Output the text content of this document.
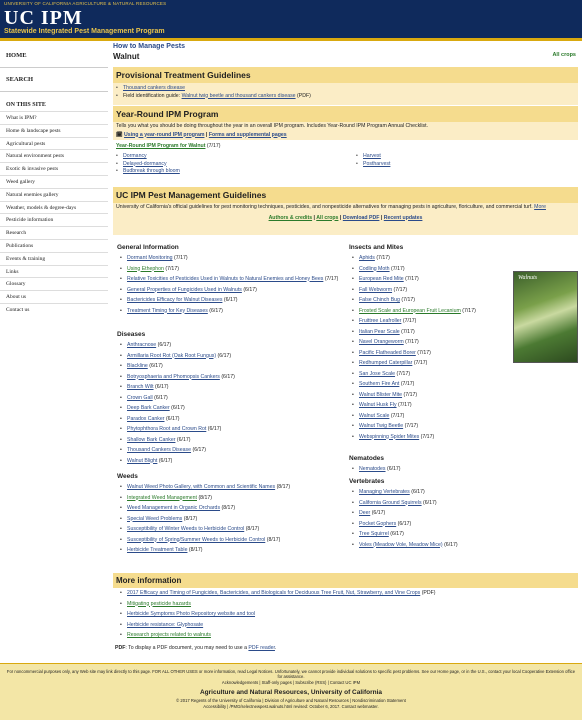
UNIVERSITY OF CALIFORNIA AGRICULTURE & NATURAL RESOURCES
UC IPM
Statewide Integrated Pest Management Program
HOME
SEARCH
ON THIS SITE
What is IPM?
Home & landscape pests
Agricultural pests
Natural environment pests
Exotic & invasive pests
Weed gallery
Natural enemies gallery
Weather, models & degree-days
Pesticide information
Research
Publications
Events & training
Links
Glossary
About us
Contact us
How to Manage Pests
Walnut	All crops
Provisional Treatment Guidelines
• Thousand cankers disease
• Field identification guide: Walnut twig beetle and thousand cankers disease (PDF)
Year-Round IPM Program
Tells you what you should be doing throughout the year in an overall IPM program. Includes Year-Round IPM Program Annual Checklist.
🗓 Using a year-round IPM program | Forms and supplemental pages
Year-Round IPM Program for Walnut (7/17)
• Dormancy
• Delayed-dormancy
• Budbreak through bloom
• Harvest
• Postharvest
UC IPM Pest Management Guidelines
University of California's official guidelines for pest monitoring techniques, pesticides, and nonpesticide alternatives for managing pests in agriculture, floriculture, and commercial turf. More
Authors & credits | All crops | Download PDF | Recent updates
General Information
• Dormant Monitoring (7/17)
• Using Ethephon (7/17)
• Relative Toxicities of Pesticides Used in Walnuts to Natural Enemies and Honey Bees (7/17)
• General Properties of Fungicides Used in Walnuts (6/17)
• Bactericides Efficacy for Walnut Diseases (6/17)
• Treatment Timing for Key Diseases (6/17)
Diseases
• Anthracnose (6/17)
• Armillaria Root Rot (Oak Root Fungus) (6/17)
• Blackline (6/17)
• Botryosphaeria and Phomopsis Cankers (6/17)
• Branch Wilt (6/17)
• Crown Gall (6/17)
• Deep Bark Canker (6/17)
• Paradox Canker (6/17)
• Phytophthora Root and Crown Rot (6/17)
• Shallow Bark Canker (6/17)
• Thousand Cankers Disease (6/17)
• Walnut Blight (6/17)
Weeds
• Walnut Weed Photo Gallery, with Common and Scientific Names (8/17)
• Integrated Weed Management (8/17)
• Weed Management in Organic Orchards (8/17)
• Special Weed Problems (8/17)
• Susceptibility of Winter Weeds to Herbicide Control (8/17)
• Susceptibility of Spring/Summer Weeds to Herbicide Control (8/17)
• Herbicide Treatment Table (8/17)
Insects and Mites
• Aphids (7/17)
• Codling Moth (7/17)
• European Red Mite (7/17)
• Fall Webworm (7/17)
• False Chinch Bug (7/17)
• Frosted Scale and European Fruit Lecanium (7/17)
• Fruittree Leafroller (7/17)
• Italian Pear Scale (7/17)
• Navel Orangeworm (7/17)
• Pacific Flatheaded Borer (7/17)
• Redhumped Caterpillar (7/17)
• San Jose Scale (7/17)
• Southern Fire Ant (7/17)
• Walnut Blister Mite (7/17)
• Walnut Husk Fly (7/17)
• Walnut Scale (7/17)
• Walnut Twig Beetle (7/17)
• Webspinning Spider Mites (7/17)
Walnuts
Nematodes
• Nematodes (6/17)
Vertebrates
• Managing Vertebrates (6/17)
• California Ground Squirrels (6/17)
• Deer (6/17)
• Pocket Gophers (6/17)
• Tree Squirrel (6/17)
• Voles (Meadow Vole, Meadow Mice) (6/17)
More information
• 2017 Efficacy and Timing of Fungicides, Bactericides, and Biologicals for Deciduous Tree Fruit, Nut, Strawberry, and Vine Crops (PDF)
• Mitigating pesticide hazards
• Herbicide Symptoms Photo Repository website and tool
• Herbicide resistance: Glyphosate
• Research projects related to walnuts
PDF: To display a PDF document, you may need to use a PDF reader.
For noncommercial purposes only, any Web site may link directly to this page. FOR ALL OTHER USES or more information, read Legal Notices. Unfortunately, we cannot provide individual solutions to specific pest problems. See our Home page, or in the U.S., contact your local Cooperative Extension office for assistance.
Acknowledgements | Staff-only pages | Subscribe (RSS) | Contact UC IPM
Agriculture and Natural Resources, University of California
© 2017 Regents of the University of California | Division of Agriculture and Natural Resources | Nondiscrimination Statement
Accessibility | /PMG/selectnewpest.walnuts.html revised: October 6, 2017. Contact webmaster.
